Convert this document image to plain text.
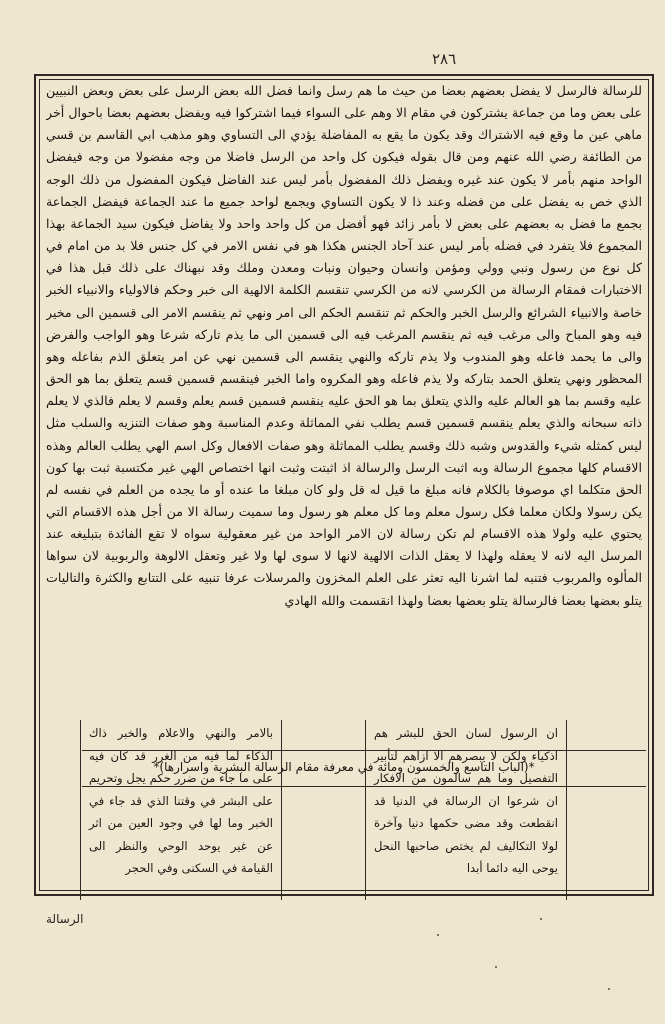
٢٨٦
للرسالة فالرسل لا يفضل بعضهم بعضا من حيث ما هم رسل وانما فضل الله بعض الرسل على بعض وبعض النبيين على بعض وما من جماعة يشتركون في مقام الا وهم على السواء فيما اشتركوا فيه ويفضل بعضهم بعضا باحوال أخر ماهي عين ما وقع فيه الاشتراك وقد يكون ما يقع به المفاضلة يؤدي الى التساوي وهو مذهب ابي القاسم بن قسي من الطائفة رضي الله عنهم ومن قال بقوله فيكون كل واحد من الرسل فاضلا من وجه مفضولا من وجه فيفضل الواحد منهم بأمر لا يكون عند غيره ويفضل ذلك المفضول بأمر ليس عند الفاضل فيكون المفضول من ذلك الوجه الذي خص به يفضل على من فضله وعند ذا لا يكون التساوي ويجمع لواحد جميع ما عند الجماعة فيفضل الجماعة بجمع ما فضل به بعضهم على بعض لا بأمر زائد فهو أفضل من كل واحد واحد ولا يفاضل فيكون سيد الجماعة بهذا المجموع فلا يتفرد في فضله بأمر ليس عند آحاد الجنس هكذا هو في نفس الامر في كل جنس فلا بد من امام في كل نوع من رسول ونبي وولي ومؤمن وانسان وحيوان ونبات ومعدن وملك وقد نبهناك على ذلك قبل هذا في الاختبارات فمقام الرسالة من الكرسي لانه من الكرسي تنقسم الكلمة الالهية الى خبر وحكم فالاولياء والانبياء الخبر خاصة والانبياء الشرائع والرسل الخبر والحكم ثم تنقسم الحكم الى امر ونهي ثم ينقسم الامر الى قسمين الى مخير فيه وهو المباح والى مرغب فيه ثم ينقسم المرغب فيه الى قسمين الى ما يذم تاركه شرعا وهو الواجب والفرض والى ما يحمد فاعله وهو المندوب ولا يذم تاركه والنهي ينقسم الى قسمين نهي عن امر يتعلق الذم بفاعله وهو المحظور ونهي يتعلق الحمد بتاركه ولا يذم فاعله وهو المكروه واما الخبر فينقسم قسمين قسم يتعلق بما هو الحق عليه وقسم بما هو العالم عليه والذي يتعلق بما هو الحق عليه ينقسم قسمين قسم يعلم وقسم لا يعلم فالذي لا يعلم ذاته سبحانه والذي يعلم ينقسم قسمين قسم يطلب نفي المماثلة وعدم المناسبة وهو صفات التنزيه والسلب مثل ليس كمثله شيء والقدوس وشبه ذلك وقسم يطلب المماثلة وهو صفات الافعال وكل اسم الهي يطلب العالم وهذه الاقسام كلها مجموع الرسالة وبه اثبت الرسل والرسالة اذ اثبتت وثبت انها اختصاص الهي غير مكتسبة ثبت بها كون الحق متكلما اي موصوفا بالكلام فانه مبلغ ما قيل له قل ولو كان مبلغا ما عنده أو ما يجده من العلم في نفسه لم يكن رسولا ولكان معلما فكل رسول معلم وما كل معلم هو رسول وما سميت رسالة الا من أجل هذه الاقسام التي يحتوي عليه ولولا هذه الاقسام لم تكن رسالة لان الامر الواحد من غير معقولية سواه لا تقع الفائدة بتبليغه عند المرسل اليه لانه لا يعقله ولهذا لا يعقل الذات الالهية لانها لا سوى لها ولا غير وتعقل الالوهة والربوبية لان سواها المألوه والمربوب فتنبه لما اشرنا اليه تعثر على العلم المخزون والمرسلات عرفا تنبيه على التتابع والكثرة والتاليات يتلو بعضها بعضا فالرسالة يتلو بعضها بعضا ولهذا انقسمت والله الهادي
*(الباب التاسع والخمسون ومائة في معرفة مقام الرسالة البشرية واسرارها)*
ان الرسول لسان الحق للبشر هم اذكياء ولكن لا يبصرهم الا ازاهم لتأبير التفصيل وما هم سالمون من الافكار ان شرعوا ان الرسالة في الدنيا قد انقطعت وقد مضى حكمها دنيا وآخرة لولا التكاليف لم يختص صاحبها النحل يوحى اليه دائما أبدا
بالامر والنهي والاعلام والخبر ذاك الذكاء لما فيه من الغرر قد كان فيه على ما جاء من ضرر حكم يجل وتحريم على البشر في وقتنا الذي قد جاء في الخبر وما لها في وجود العين من اثر عن غير يوحد الوحي والنظر الى القيامة في السكنى وفي الحجر
الرسالة
